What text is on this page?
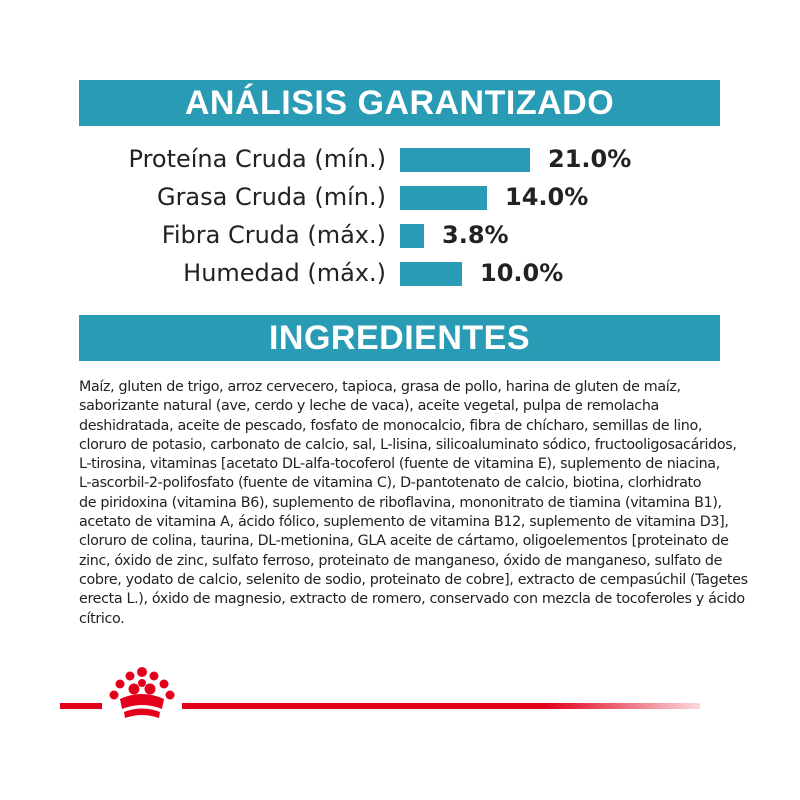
ANÁLISIS GARANTIZADO
Proteína Cruda (mín.)	21.0%
Grasa Cruda (mín.)	14.0%
Fibra Cruda (máx.) 3.8%
Humedad (máx.)	10.0%
INGREDIENTES
Maíz, gluten de trigo, arroz cervecero, tapioca, grasa de pollo, harina de gluten de maíz,
saborizante natural (ave, cerdo y leche de vaca), aceite vegetal, pulpa de remolacha
deshidratada, aceite de pescado, fosfato de monocalcio, fibra de chícharo, semillas de lino,
cloruro de potasio, carbonato de calcio, sal, L-lisina, silicoaluminato sódico, fructooligosacáridos,
L-tirosina, vitaminas [acetato DL-alfa-tocoferol (fuente de vitamina E), suplemento de niacina,
L-ascorbil-2-polifosfato (fuente de vitamina C), D-pantotenato de calcio, biotina, clorhidrato
de piridoxina (vitamina B6), suplemento de riboflavina, mononitrato de tiamina (vitamina B1),
acetato de vitamina A, ácido fólico, suplemento de vitamina B12, suplemento de vitamina D3],
cloruro de colina, taurina, DL-metionina, GLA aceite de cártamo, oligoelementos [proteinato de
zinc, óxido de zinc, sulfato ferroso, proteinato de manganeso, óxido de manganeso, sulfato de
cobre, yodato de calcio, selenito de sodio, proteinato de cobre], extracto de cempasúchil (Tagetes
erecta L.), óxido de magnesio, extracto de romero, conservado con mezcla de tocoferoles y ácido
cítrico.
